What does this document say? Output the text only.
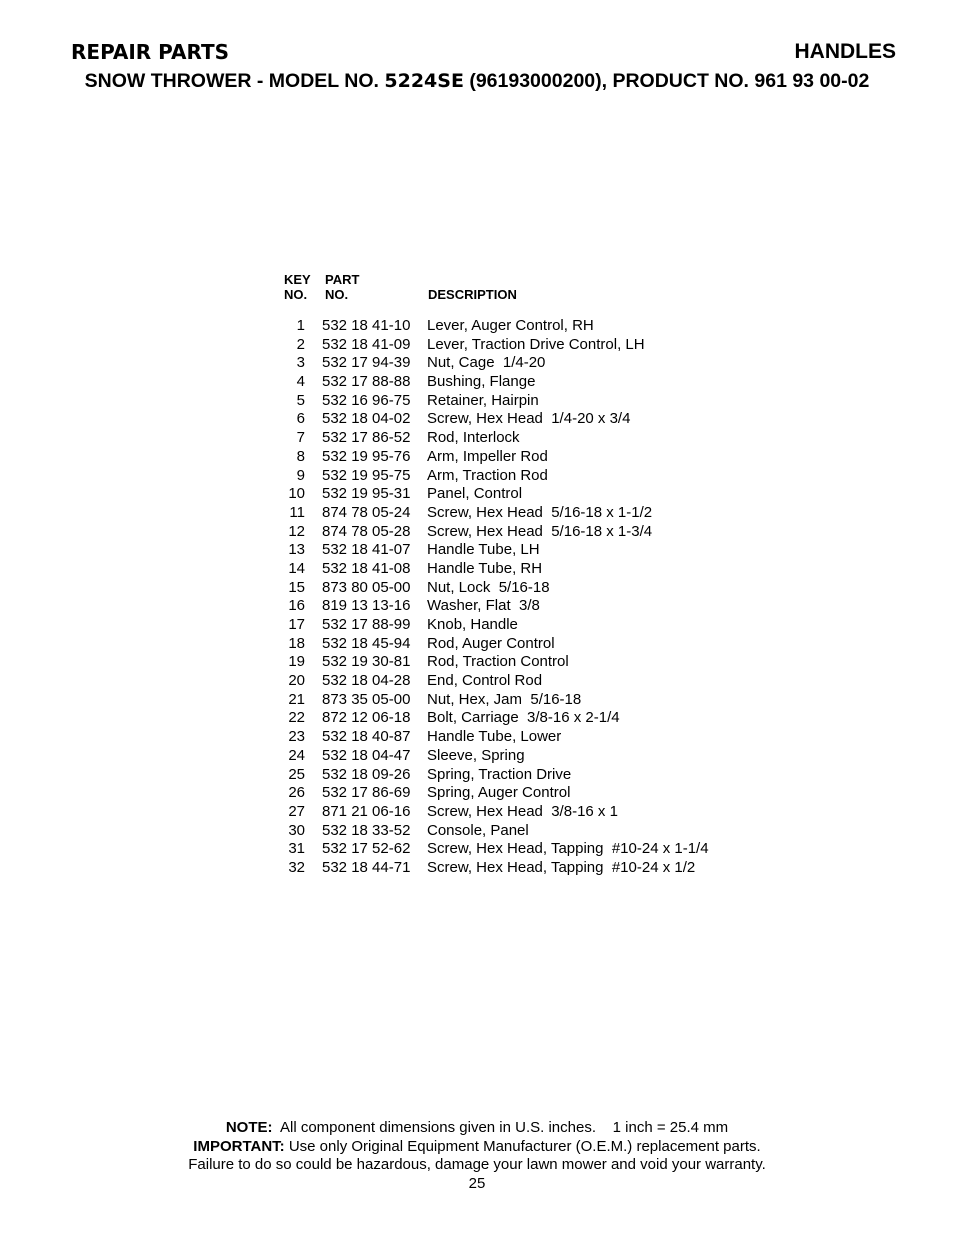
REPAIR PARTS	HANDLES
SNOW THROWER - MODEL NO. 5224SE (96193000200), PRODUCT NO. 961 93 00-02
KEY
NO.
PART
NO.	DESCRIPTION
1 532 18 41-10 Lever, Auger Control, RH
2 532 18 41-09 Lever, Traction Drive Control, LH
3 532 17 94-39 Nut, Cage  1/4-20
4 532 17 88-88 Bushing, Flange
5 532 16 96-75 Retainer, Hairpin
6 532 18 04-02 Screw, Hex Head  1/4-20 x 3/4
7 532 17 86-52 Rod, Interlock
8 532 19 95-76 Arm, Impeller Rod
9 532 19 95-75 Arm, Traction Rod
10 532 19 95-31 Panel, Control
11 874 78 05-24 Screw, Hex Head  5/16-18 x 1-1/2
12 874 78 05-28 Screw, Hex Head  5/16-18 x 1-3/4
13 532 18 41-07 Handle Tube, LH
14 532 18 41-08 Handle Tube, RH
15 873 80 05-00 Nut, Lock  5/16-18
16 819 13 13-16 Washer, Flat  3/8
17 532 17 88-99 Knob, Handle
18 532 18 45-94 Rod, Auger Control
19 532 19 30-81 Rod, Traction Control
20 532 18 04-28 End, Control Rod
21 873 35 05-00 Nut, Hex, Jam  5/16-18
22 872 12 06-18 Bolt, Carriage  3/8-16 x 2-1/4
23 532 18 40-87 Handle Tube, Lower
24 532 18 04-47 Sleeve, Spring
25 532 18 09-26 Spring, Traction Drive
26 532 17 86-69 Spring, Auger Control
27 871 21 06-16 Screw, Hex Head  3/8-16 x 1
30 532 18 33-52 Console, Panel
31 532 17 52-62 Screw, Hex Head, Tapping  #10-24 x 1-1/4
32 532 18 44-71 Screw, Hex Head, Tapping  #10-24 x 1/2
NOTE:  All component dimensions given in U.S. inches.    1 inch = 25.4 mm
IMPORTANT: Use only Original Equipment Manufacturer (O.E.M.) replacement parts.
Failure to do so could be hazardous, damage your lawn mower and void your warranty.
25
